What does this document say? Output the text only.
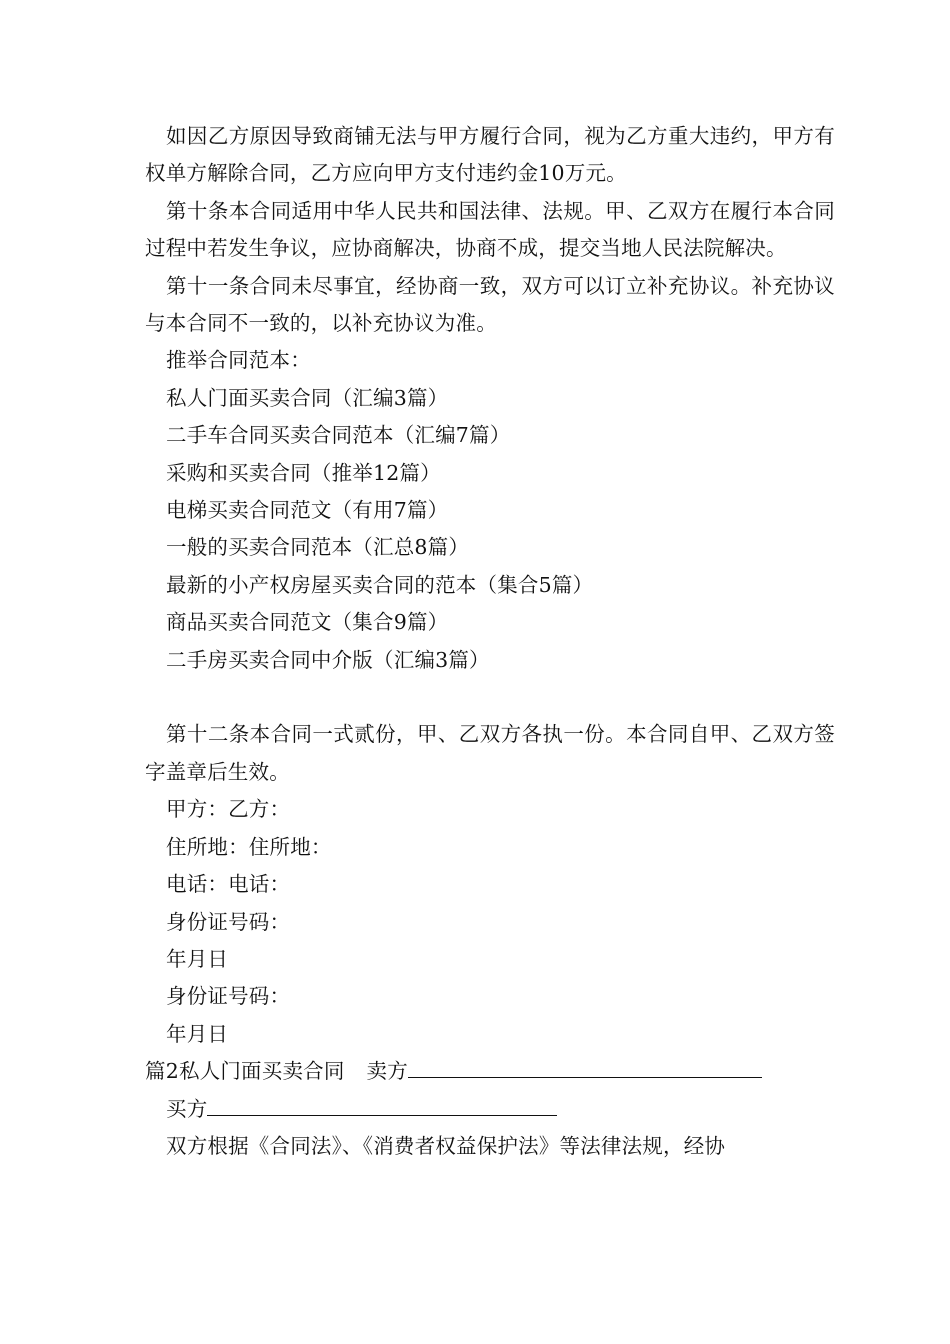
如因乙方原因导致商铺无法与甲方履行合同，视为乙方重大违约，甲方有权单方解除合同，乙方应向甲方支付违约金10万元。

第十条本合同适用中华人民共和国法律、法规。甲、乙双方在履行本合同过程中若发生争议，应协商解决，协商不成，提交当地人民法院解决。

第十一条合同未尽事宜，经协商一致，双方可以订立补充协议。补充协议与本合同不一致的，以补充协议为准。

推举合同范本：

私人门面买卖合同（汇编3篇）

二手车合同买卖合同范本（汇编7篇）

采购和买卖合同（推举12篇）

电梯买卖合同范文（有用7篇）

一般的买卖合同范本（汇总8篇）

最新的小产权房屋买卖合同的范本（集合5篇）

商品买卖合同范文（集合9篇）

二手房买卖合同中介版（汇编3篇）

第十二条本合同一式贰份，甲、乙双方各执一份。本合同自甲、乙双方签字盖章后生效。

甲方：乙方：

住所地：住所地：

电话：电话：

身份证号码：

年月日

身份证号码：

年月日

篇2私人门面买卖合同 卖方

买方

双方根据《合同法》、《消费者权益保护法》等法律法规，经协
